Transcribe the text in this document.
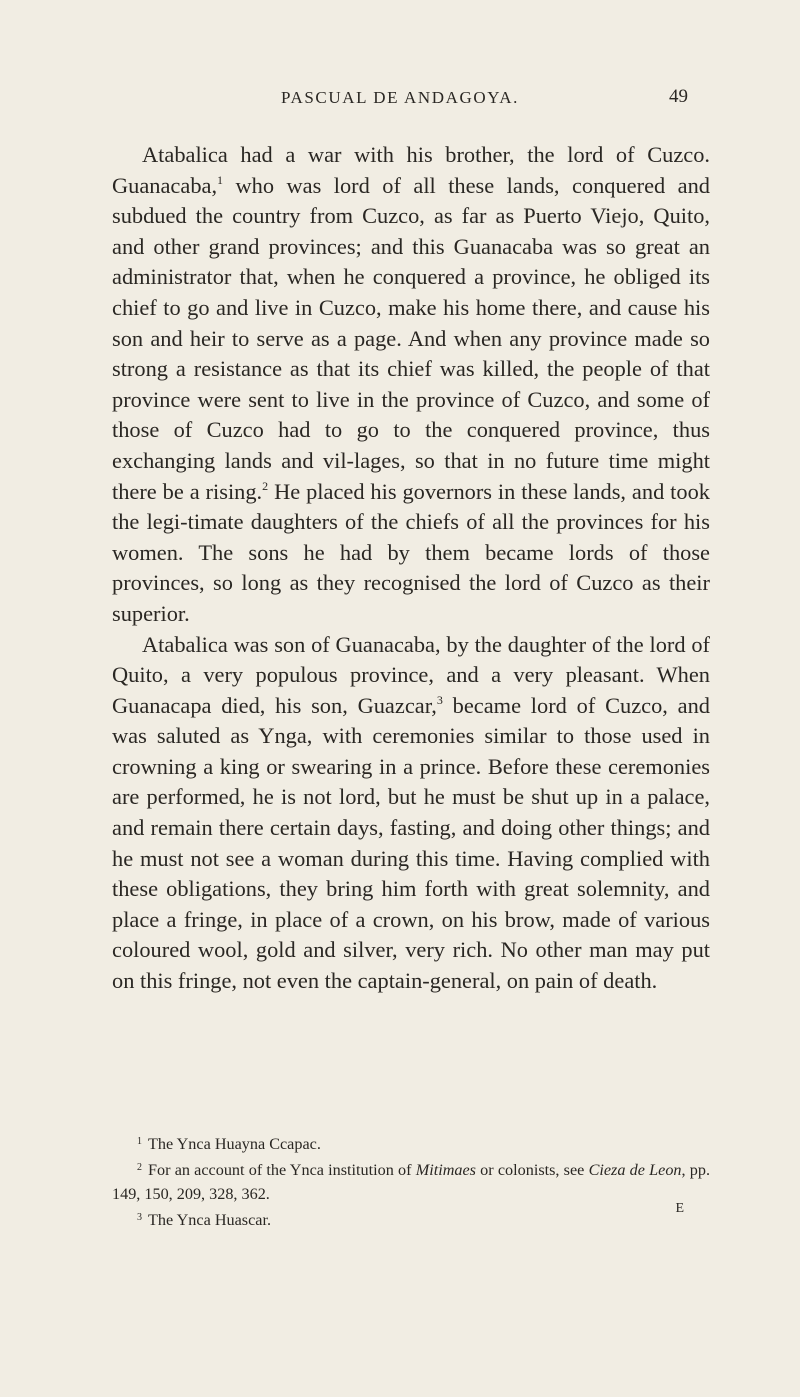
PASCUAL DE ANDAGOYA.	49

Atabalica had a war with his brother, the lord of Cuzco. Guanacaba,$^1$ who was lord of all these lands, conquered and subdued the country from Cuzco, as far as Puerto Viejo, Quito, and other grand provinces; and this Guanacaba was so great an administrator that, when he conquered a province, he obliged its chief to go and live in Cuzco, make his home there, and cause his son and heir to serve as a page. And when any province made so strong a resistance as that its chief was killed, the people of that province were sent to live in the province of Cuzco, and some of those of Cuzco had to go to the conquered province, thus exchanging lands and vil-lages, so that in no future time might there be a rising.$^2$ He placed his governors in these lands, and took the legi-timate daughters of the chiefs of all the provinces for his women. The sons he had by them became lords of those provinces, so long as they recognised the lord of Cuzco as their superior.

Atabalica was son of Guanacaba, by the daughter of the lord of Quito, a very populous province, and a very pleasant. When Guanacapa died, his son, Guazcar,$^3$ became lord of Cuzco, and was saluted as Ynga, with ceremonies similar to those used in crowning a king or swearing in a prince. Before these ceremonies are performed, he is not lord, but he must be shut up in a palace, and remain there certain days, fasting, and doing other things; and he must not see a woman during this time. Having complied with these obligations, they bring him forth with great solemnity, and place a fringe, in place of a crown, on his brow, made of various coloured wool, gold and silver, very rich. No other man may put on this fringe, not even the captain-general, on pain of death.

$^1$ The Ynca Huayna Ccapac.

$^2$ For an account of the Ynca institution of Mitimaes or colonists, see Cieza de Leon, pp. 149, 150, 209, 328, 362.

$^3$ The Ynca Huascar.

E
